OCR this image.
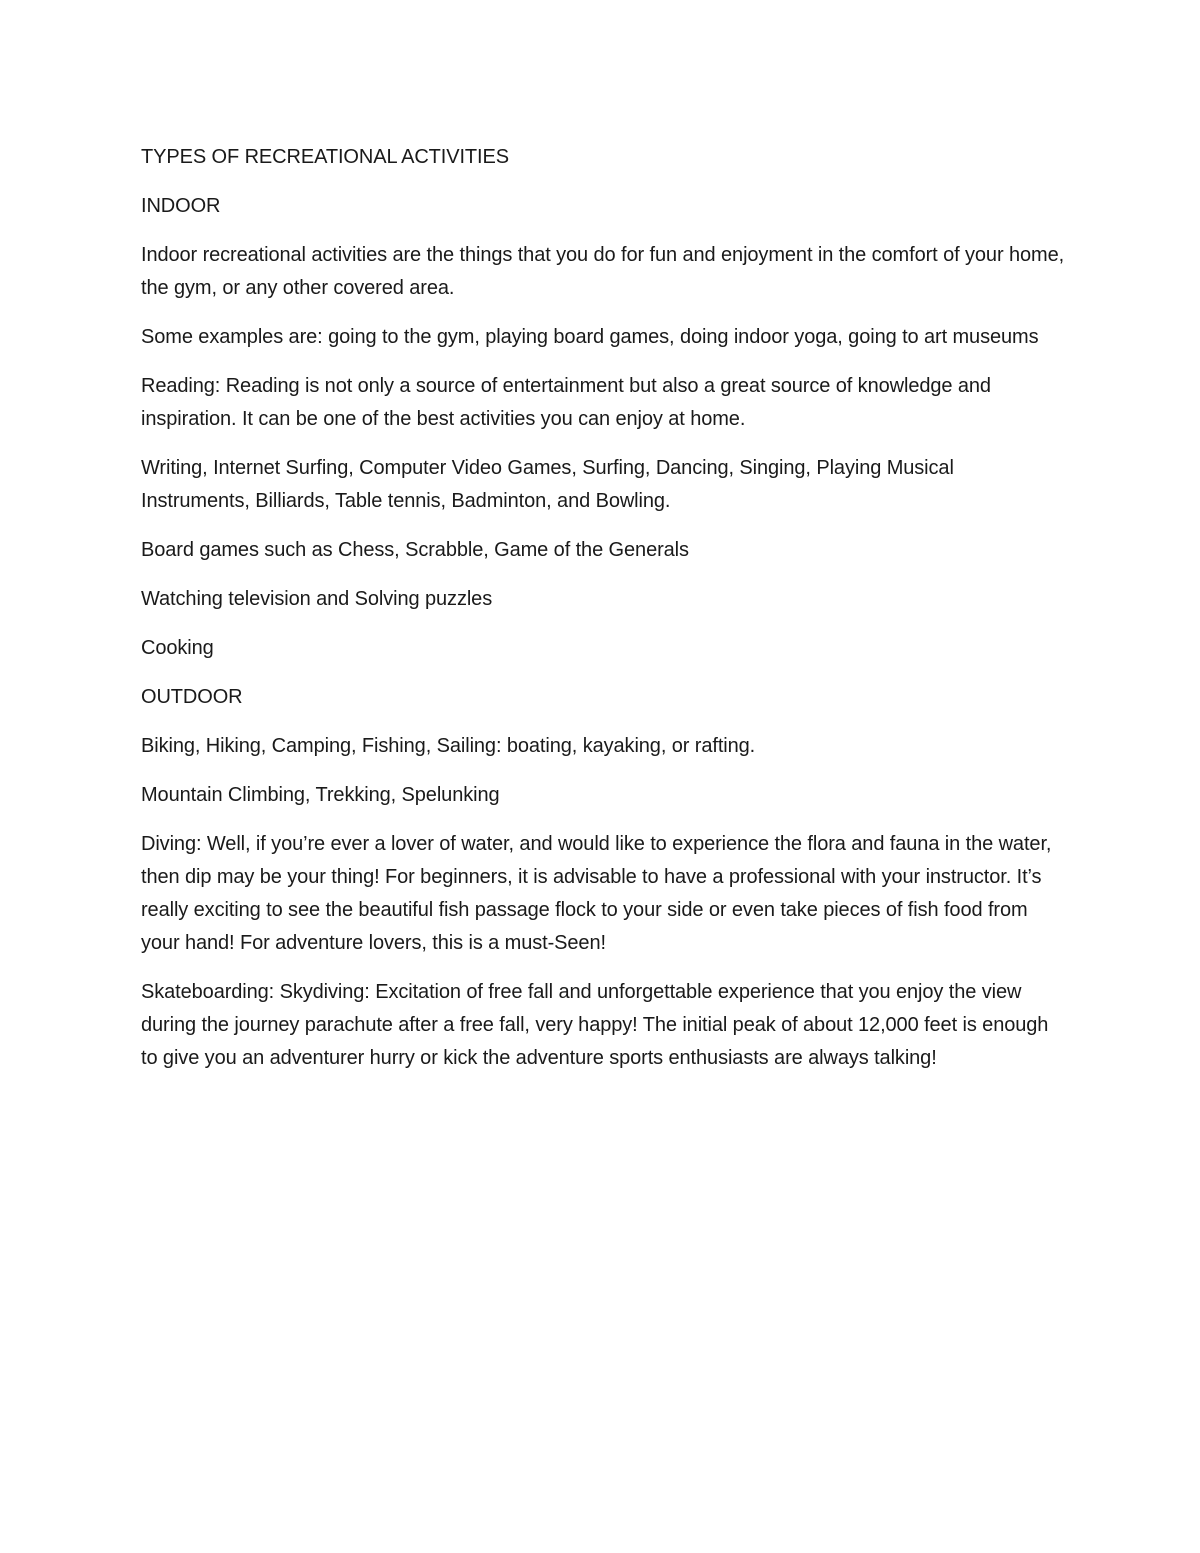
TYPES OF RECREATIONAL ACTIVITIES

INDOOR

Indoor recreational activities are the things that you do for fun and enjoyment in the comfort of your home, the gym, or any other covered area.

Some examples are: going to the gym, playing board games, doing indoor yoga, going to art museums

Reading: Reading is not only a source of entertainment but also a great source of knowledge and inspiration. It can be one of the best activities you can enjoy at home.

Writing, Internet Surfing, Computer Video Games, Surfing, Dancing, Singing, Playing Musical Instruments, Billiards, Table tennis, Badminton, and Bowling.

Board games such as Chess, Scrabble, Game of the Generals

Watching television and Solving puzzles

Cooking

OUTDOOR

Biking, Hiking, Camping, Fishing, Sailing: boating, kayaking, or rafting.

Mountain Climbing, Trekking, Spelunking

Diving: Well, if you’re ever a lover of water, and would like to experience the flora and fauna in the water, then dip may be your thing! For beginners, it is advisable to have a professional with your instructor. It’s really exciting to see the beautiful fish passage flock to your side or even take pieces of fish food from your hand! For adventure lovers, this is a must-Seen!

Skateboarding: Skydiving: Excitation of free fall and unforgettable experience that you enjoy the view during the journey parachute after a free fall, very happy! The initial peak of about 12,000 feet is enough to give you an adventurer hurry or kick the adventure sports enthusiasts are always talking!
